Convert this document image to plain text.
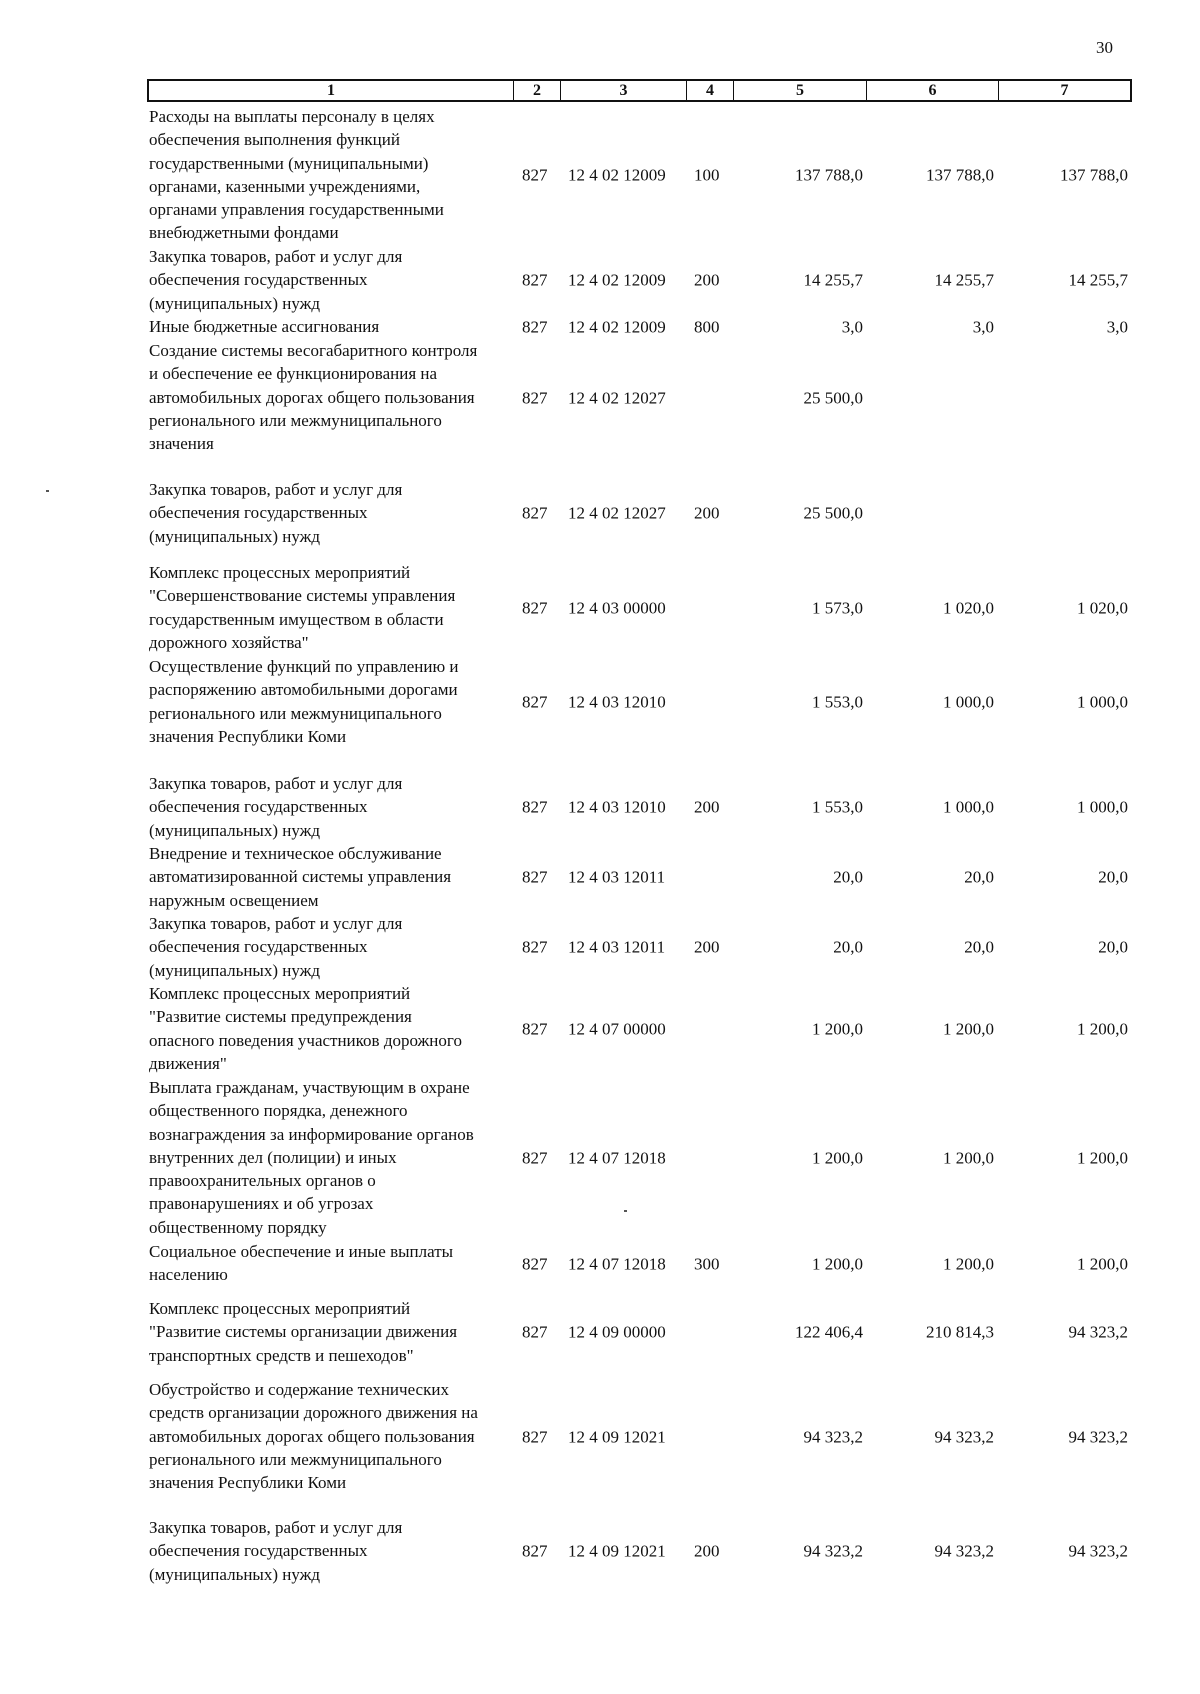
30
1	2	3	4	5	6	7
Расходы на выплаты персоналу в целях
обеспечения выполнения функций
государственными (муниципальными)
органами, казенными учреждениями,
органами управления государственными
внебюджетными фондами
827 12 4 02 12009 100	137 788,0	137 788,0	137 788,0
Закупка товаров, работ и услуг для
обеспечения государственных
(муниципальных) нужд
827 12 4 02 12009 200	14 255,7	14 255,7	14 255,7
Иные бюджетные ассигнования	827 12 4 02 12009 800	3,0	3,0	3,0
Создание системы весогабаритного контроля
и обеспечение ее функционирования на
автомобильных дорогах общего пользования
регионального или межмуниципального
значения
827 12 4 02 12027	25 500,0
Закупка товаров, работ и услуг для
обеспечения государственных
(муниципальных) нужд
827 12 4 02 12027 200	25 500,0
Комплекс процессных мероприятий
"Совершенствование системы управления
государственным имуществом в области
дорожного хозяйства"
827 12 4 03 00000	1 573,0	1 020,0	1 020,0
Осуществление функций по управлению и
распоряжению автомобильными дорогами
регионального или межмуниципального
значения Республики Коми
827 12 4 03 12010	1 553,0	1 000,0	1 000,0
Закупка товаров, работ и услуг для
обеспечения государственных
(муниципальных) нужд
827 12 4 03 12010 200	1 553,0	1 000,0	1 000,0
Внедрение и техническое обслуживание
автоматизированной системы управления
наружным освещением
827 12 4 03 12011	20,0	20,0	20,0
Закупка товаров, работ и услуг для
обеспечения государственных
(муниципальных) нужд
827 12 4 03 12011 200	20,0	20,0	20,0
Комплекс процессных мероприятий
"Развитие системы предупреждения
опасного поведения участников дорожного
движения"
827 12 4 07 00000	1 200,0	1 200,0	1 200,0
Выплата гражданам, участвующим в охране
общественного порядка, денежного
вознаграждения за информирование органов
внутренних дел (полиции) и иных
правоохранительных органов о
правонарушениях и об угрозах
общественному порядку
827 12 4 07 12018	1 200,0	1 200,0	1 200,0
Социальное обеспечение и иные выплаты
населению
827 12 4 07 12018 300	1 200,0	1 200,0	1 200,0
Комплекс процессных мероприятий
"Развитие системы организации движения
транспортных средств и пешеходов"
827 12 4 09 00000	122 406,4	210 814,3	94 323,2
Обустройство и содержание технических
средств организации дорожного движения на
автомобильных дорогах общего пользования
регионального или межмуниципального
значения Республики Коми
827 12 4 09 12021	94 323,2	94 323,2	94 323,2
Закупка товаров, работ и услуг для
обеспечения государственных
(муниципальных) нужд
827 12 4 09 12021 200	94 323,2	94 323,2	94 323,2
